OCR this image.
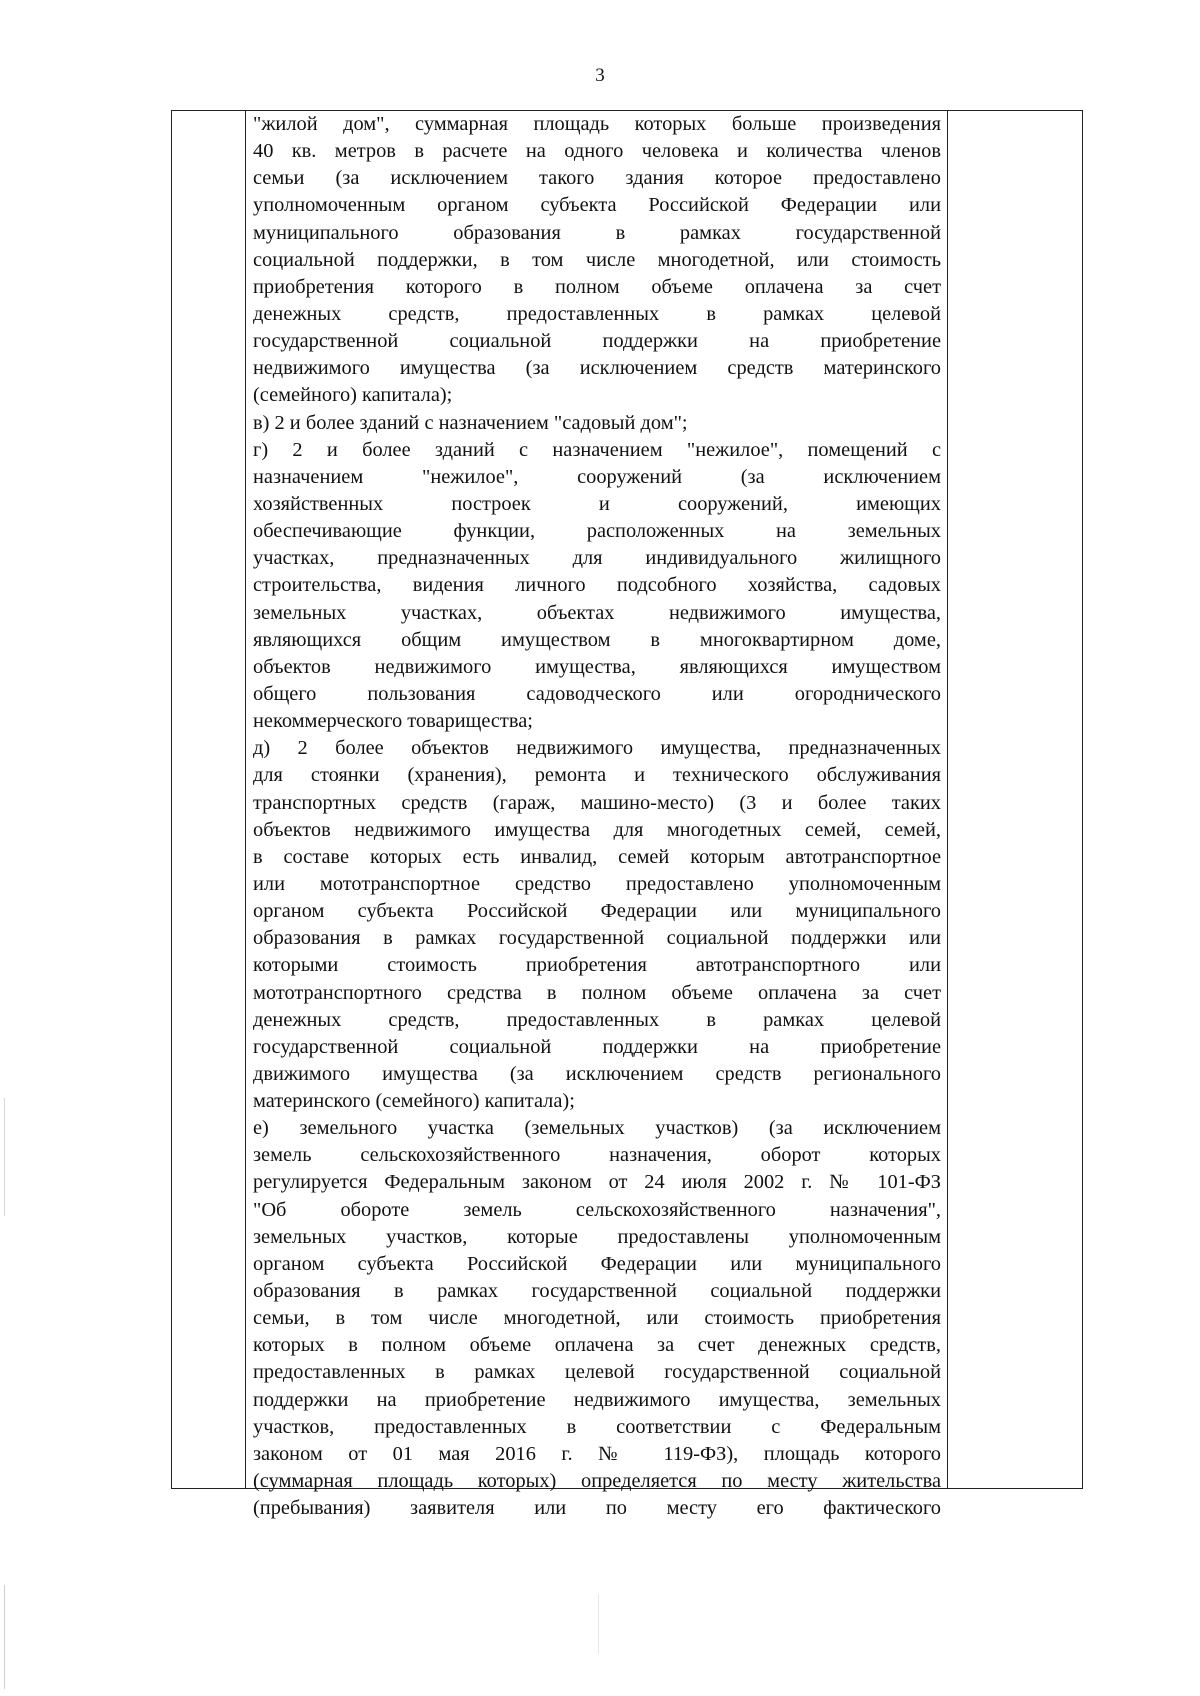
3
"жилой дом", суммарная площадь которых больше произведения
40 кв. метров в расчете на одного человека и количества членов
семьи (за исключением такого здания которое предоставлено
уполномоченным органом субъекта Российской Федерации или
муниципального образования в рамках государственной
социальной поддержки, в том числе многодетной, или стоимость
приобретения которого в полном объеме оплачена за счет
денежных средств, предоставленных в рамках целевой
государственной социальной поддержки на приобретение
недвижимого имущества (за исключением средств материнского
(семейного) капитала);
в) 2 и более зданий с назначением "садовый дом";
г) 2 и более зданий с назначением "нежилое", помещений с
назначением "нежилое", сооружений (за исключением
хозяйственных построек и сооружений, имеющих
обеспечивающие функции, расположенных на земельных
участках, предназначенных для индивидуального жилищного
строительства, видения личного подсобного хозяйства, садовых
земельных участках, объектах недвижимого имущества,
являющихся общим имуществом в многоквартирном доме,
объектов недвижимого имущества, являющихся имуществом
общего пользования садоводческого или огороднического
некоммерческого товарищества;
д) 2 более объектов недвижимого имущества, предназначенных
для стоянки (хранения), ремонта и технического обслуживания
транспортных средств (гараж, машино-место) (3 и более таких
объектов недвижимого имущества для многодетных семей, семей,
в составе которых есть инвалид, семей которым автотранспортное
или мототранспортное средство предоставлено уполномоченным
органом субъекта Российской Федерации или муниципального
образования в рамках государственной социальной поддержки или
которыми стоимость приобретения автотранспортного или
мототранспортного средства в полном объеме оплачена за счет
денежных средств, предоставленных в рамках целевой
государственной социальной поддержки на приобретение
движимого имущества (за исключением средств регионального
материнского (семейного) капитала);
е) земельного участка (земельных участков) (за исключением
земель сельскохозяйственного назначения, оборот которых
регулируется Федеральным законом от 24 июля 2002 г. № 101-ФЗ
"Об обороте земель сельскохозяйственного назначения",
земельных участков, которые предоставлены уполномоченным
органом субъекта Российской Федерации или муниципального
образования в рамках государственной социальной поддержки
семьи, в том числе многодетной, или стоимость приобретения
которых в полном объеме оплачена за счет денежных средств,
предоставленных в рамках целевой государственной социальной
поддержки на приобретение недвижимого имущества, земельных
участков, предоставленных в соответствии с Федеральным
законом от 01 мая 2016 г. № 119-ФЗ), площадь которого
(суммарная площадь которых) определяется по месту жительства
(пребывания) заявителя или по месту его фактического
